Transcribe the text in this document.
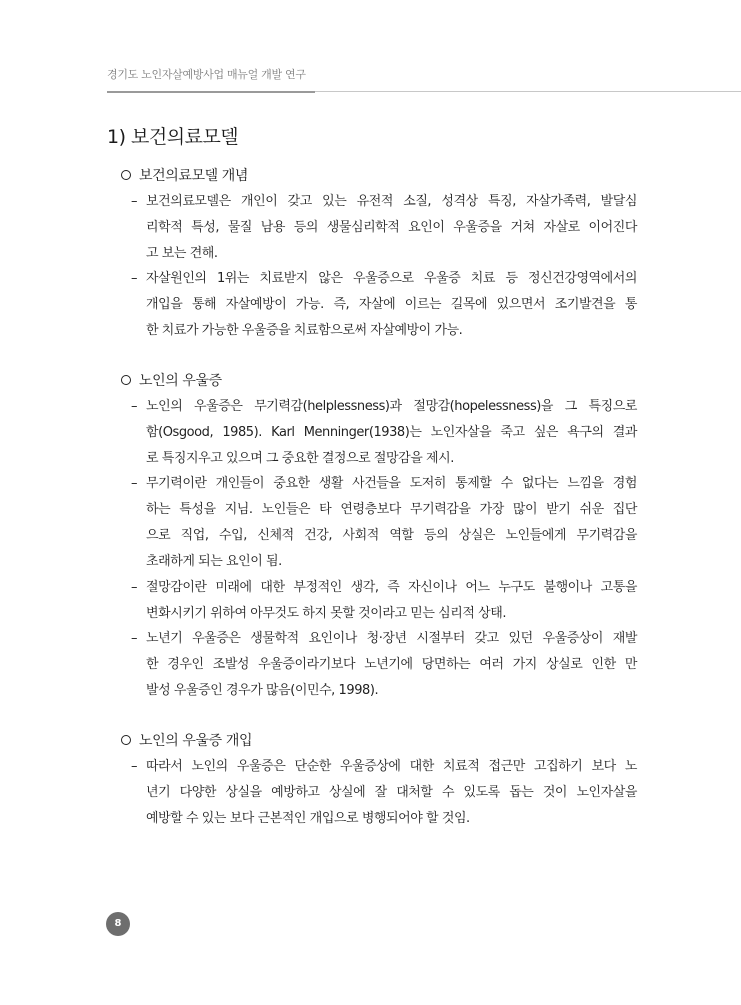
경기도 노인자살예방사업 매뉴얼 개발 연구
1) 보건의료모델
보건의료모델 개념
– 보건의료모델은 개인이 갖고 있는 유전적 소질, 성격상 특징, 자살가족력, 발달심
리학적 특성, 물질 남용 등의 생물심리학적 요인이 우울증을 거쳐 자살로 이어진다
고 보는 견해.
– 자살원인의 1위는 치료받지 않은 우울증으로 우울증 치료 등 정신건강영역에서의
개입을 통해 자살예방이 가능. 즉, 자살에 이르는 길목에 있으면서 조기발견을 통
한 치료가 가능한 우울증을 치료함으로써 자살예방이 가능.
노인의 우울증
– 노인의 우울증은 무기력감(helplessness)과 절망감(hopelessness)을 그 특징으로
함(Osgood, 1985). Karl Menninger(1938)는 노인자살을 죽고 싶은 욕구의 결과
로 특징지우고 있으며 그 중요한 결정으로 절망감을 제시.
– 무기력이란 개인들이 중요한 생활 사건들을 도저히 통제할 수 없다는 느낌을 경험
하는 특성을 지님. 노인들은 타 연령층보다 무기력감을 가장 많이 받기 쉬운 집단
으로 직업, 수입, 신체적 건강, 사회적 역할 등의 상실은 노인들에게 무기력감을
초래하게 되는 요인이 됨.
– 절망감이란 미래에 대한 부정적인 생각, 즉 자신이나 어느 누구도 불행이나 고통을
변화시키기 위하여 아무것도 하지 못할 것이라고 믿는 심리적 상태.
– 노년기 우울증은 생물학적 요인이나 청·장년 시절부터 갖고 있던 우울증상이 재발
한 경우인 조발성 우울증이라기보다 노년기에 당면하는 여러 가지 상실로 인한 만
발성 우울증인 경우가 많음(이민수, 1998).
노인의 우울증 개입
– 따라서 노인의 우울증은 단순한 우울증상에 대한 치료적 접근만 고집하기 보다 노
년기 다양한 상실을 예방하고 상실에 잘 대처할 수 있도록 돕는 것이 노인자살을
예방할 수 있는 보다 근본적인 개입으로 병행되어야 할 것임.
8
